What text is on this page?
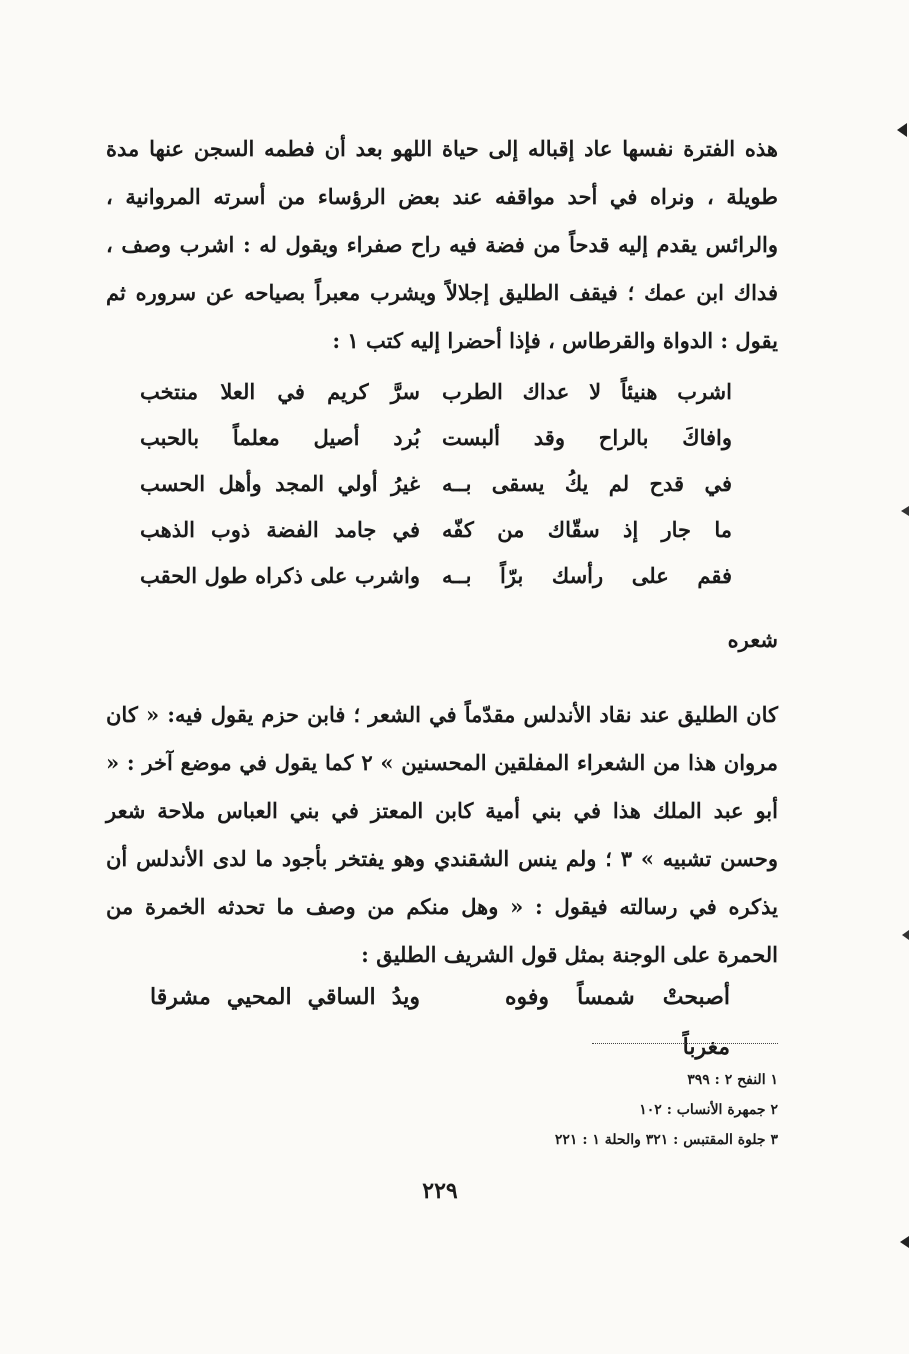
هذه الفترة نفسها عاد إقباله إلى حياة اللهو بعد أن فطمه السجن عنها مدة طويلة ، ونراه في أحد مواقفه عند بعض الرؤساء من أسرته المروانية ، والرائس يقدم إليه قدحاً من فضة فيه راح صفراء ويقول له : اشرب وصف ، فداك ابن عمك ؛ فيقف الطليق إجلالاً ويشرب معبراً بصياحه عن سروره ثم يقول : الدواة والقرطاس ، فإذا أحضرا إليه كتب ١ :

اشرب هنيئاً لا عداك الطرب
سرَّ كريم في العلا منتخب
وافاكَ بالراح وقد ألبست
بُرد أصيل معلماً بالحبب
في قدح لم يكُ يسقى بــه
غيرُ أولي المجد وأهل الحسب
ما جار إذ سقّاك من كفّه
في جامد الفضة ذوب الذهب
فقم على رأسك برّاً بــه
واشرب على ذكراه طول الحقب
شعره

كان الطليق عند نقاد الأندلس مقدّماً في الشعر ؛ فابن حزم يقول فيه: « كان مروان هذا من الشعراء المفلقين المحسنين » ٢ كما يقول في موضع آخر : « أبو عبد الملك هذا في بني أمية كابن المعتز في بني العباس ملاحة شعر وحسن تشبيه » ٣ ؛ ولم ينس الشقندي وهو يفتخر بأجود ما لدى الأندلس أن يذكره في رسالته فيقول : « وهل منكم من وصف ما تحدثه الخمرة من الحمرة على الوجنة بمثل قول الشريف الطليق :

أصبحتْ شمساً وفوه مغرباً
ويدُ الساقي المحيي مشرقا
١ النفح ٢ : ٣٩٩
٢ جمهرة الأنساب : ١٠٢
٣ جلوة المقتبس : ٣٢١ والحلة ١ : ٢٢١
٢٢٩
